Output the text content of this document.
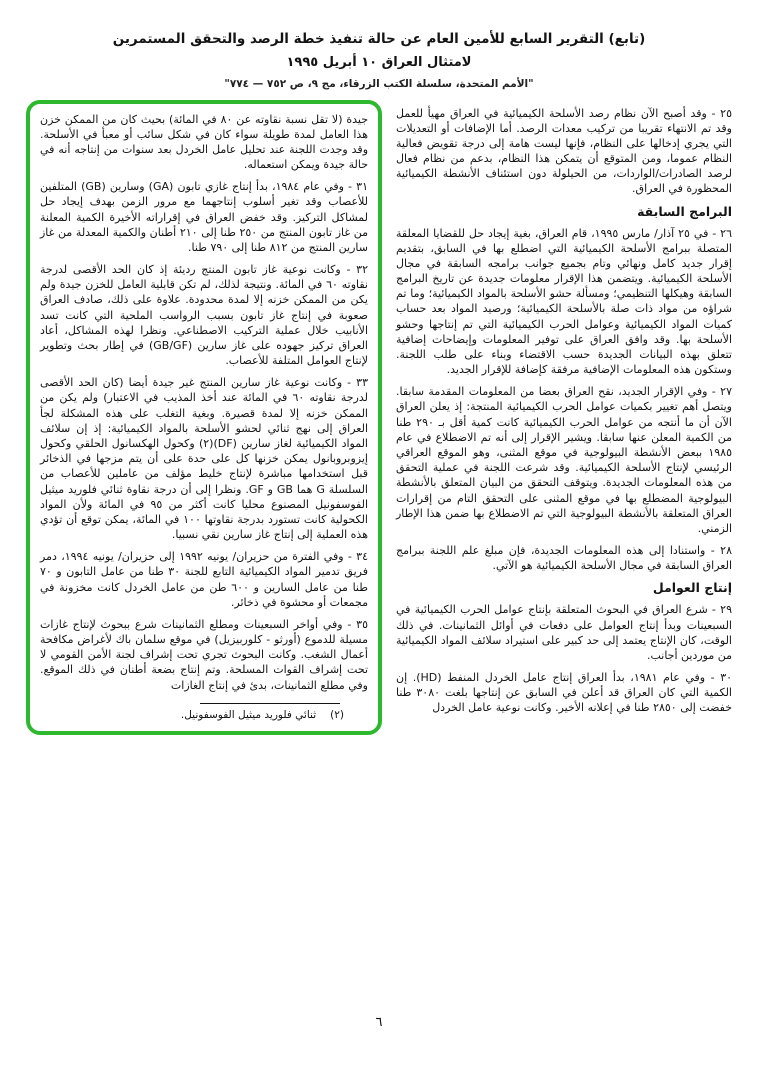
(تابع) التقرير السابع للأمين العام عن حالة تنفيذ خطة الرصد والتحقق المستمرين
لامتثال العراق ١٠ أبريل ١٩٩٥
"الأمم المتحدة، سلسلة الكتب الزرقاء، مج ٩، ص ٧٥٢ — ٧٧٤"

٢٥ - وقد أصبح الآن نظام رصد الأسلحة الكيميائية في العراق مهيأ للعمل وقد تم الانتهاء تقريبا من تركيب معدات الرصد. أما الإضافات أو التعديلات التي يجري إدخالها على النظام، فإنها ليست هامة إلى درجة تقويض فعالية النظام عموما، ومن المتوقع أن يتمكن هذا النظام، بدعم من نظام فعال لرصد الصادرات/الواردات، من الحيلولة دون استئناف الأنشطة الكيميائية المحظورة في العراق.

البرامج السابقة

٢٦ - في ٢٥ آذار/ مارس ١٩٩٥، قام العراق، بغية إيجاد حل للقضايا المعلقة المتصلة ببرامج الأسلحة الكيميائية التي اضطلع بها في السابق، بتقديم إقرار جديد كامل ونهائي وتام بجميع جوانب برامجه السابقة في مجال الأسلحة الكيميائية. ويتضمن هذا الإقرار معلومات جديدة عن تاريخ البرامج السابقة وهيكلها التنظيمي؛ ومسألة حشو الأسلحة بالمواد الكيميائية؛ وما تم شراؤه من مواد ذات صلة بالأسلحة الكيميائية؛ ورصيد المواد بعد حساب كميات المواد الكيميائية وعوامل الحرب الكيميائية التي تم إنتاجها وحشو الأسلحة بها. وقد وافق العراق على توفير المعلومات وإيضاحات إضافية تتعلق بهذه البيانات الجديدة حسب الاقتضاء وبناء على طلب اللجنة. وستكون هذه المعلومات الإضافية مرفقة كإضافة للإقرار الجديد.

٢٧ - وفي الإقرار الجديد، نقح العراق بعضا من المعلومات المقدمة سابقا. ويتصل أهم تغيير بكميات عوامل الحرب الكيميائية المنتجة: إذ يعلن العراق الآن أن ما أنتجه من عوامل الحرب الكيميائية كانت كمية أقل بـ ٢٩٠ طنا من الكمية المعلن عنها سابقا. ويشير الإقرار إلى أنه تم الاضطلاع في عام ١٩٨٥ ببعض الأنشطة البيولوجية في موقع المثنى، وهو الموقع العراقي الرئيسي لإنتاج الأسلحة الكيميائية. وقد شرعت اللجنة في عملية التحقق من هذه المعلومات الجديدة. ويتوقف التحقق من البيان المتعلق بالأنشطة البيولوجية المضطلع بها في موقع المثنى على التحقق التام من إقرارات العراق المتعلقة بالأنشطة البيولوجية التي تم الاضطلاع بها ضمن هذا الإطار الزمني.

٢٨ - واستنادا إلى هذه المعلومات الجديدة، فإن مبلغ علم اللجنة ببرامج العراق السابقة في مجال الأسلحة الكيميائية هو الآتي.

إنتاج العوامل

٢٩ - شرع العراق في البحوث المتعلقة بإنتاج عوامل الحرب الكيميائية في السبعينات وبدأ إنتاج العوامل على دفعات في أوائل الثمانينات. في ذلك الوقت، كان الإنتاج يعتمد إلى حد كبير على استيراد سلائف المواد الكيميائية من موردين أجانب.

٣٠ - وفي عام ١٩٨١، بدأ العراق إنتاج عامل الخردل المنفط (HD). إن الكمية التي كان العراق قد أعلن في السابق عن إنتاجها بلغت ٣٠٨٠ طنا خفضت إلى ٢٨٥٠ طنا في إعلانه الأخير. وكانت نوعية عامل الخردل

جيدة (لا تقل نسبة نقاوته عن ٨٠ في المائة) بحيث كان من الممكن خزن هذا العامل لمدة طويلة سواء كان في شكل سائب أو معبأ في الأسلحة. وقد وجدت اللجنة عند تحليل عامل الخردل بعد سنوات من إنتاجه أنه في حالة جيدة ويمكن استعماله.

٣١ - وفي عام ١٩٨٤، بدأ إنتاج غازي تابون (GA) وسارين (GB) المتلفين للأعصاب وقد تغير أسلوب إنتاجهما مع مرور الزمن بهدف إيجاد حل لمشاكل التركيز. وقد خفض العراق في إقراراته الأخيرة الكمية المعلنة من غاز تابون المنتج من ٢٥٠ طنا إلى ٢١٠ أطنان والكمية المعدلة من غاز سارين المنتج من ٨١٢ طنا إلى ٧٩٠ طنا.

٣٢ - وكانت نوعية غاز تابون المنتج رديئة إذ كان الحد الأقصى لدرجة نقاوته ٦٠ في المائة. ونتيجة لذلك، لم تكن قابلية العامل للخزن جيدة ولم يكن من الممكن خزنه إلا لمدة محدودة. علاوة على ذلك، صادف العراق صعوبة في إنتاج غاز تابون بسبب الرواسب الملحية التي كانت تسد الأنابيب خلال عملية التركيب الاصطناعي. ونظرا لهذه المشاكل، أعاد العراق تركيز جهوده على غاز سارين (GB/GF) في إطار بحث وتطوير لإنتاج العوامل المتلفة للأعصاب.

٣٣ - وكانت نوعية غاز سارين المنتج غير جيدة أيضا (كان الحد الأقصى لدرجة نقاوته ٦٠ في المائة عند أخذ المذيب في الاعتبار) ولم يكن من الممكن خزنه إلا لمدة قصيرة. وبغية التغلب على هذه المشكلة لجأ العراق إلى نهج ثنائي لحشو الأسلحة بالمواد الكيميائية: إذ إن سلائف المواد الكيميائية لغاز سارين (DF)(٢) وكحول الهكسانول الحلقي وكحول إيزوبروبانول يمكن خزنها كل على حدة على أن يتم مزجها في الذخائر قبل استخدامها مباشرة لإنتاج خليط مؤلف من عاملين للأعصاب من السلسلة G هما GB و GF. ونظرا إلى أن درجة نقاوة ثنائي فلوريد ميثيل الفوسفونيل المصنوع محليا كانت أكثر من ٩٥ في المائة ولأن المواد الكحولية كانت تستورد بدرجة نقاوتها ١٠٠ في المائة، يمكن توقع أن تؤدي هذه العملية إلى إنتاج غاز سارين نقي نسبيا.

٣٤ - وفي الفترة من حزيران/ يونيه ١٩٩٢ إلى حزيران/ يونيه ١٩٩٤، دمر فريق تدمير المواد الكيميائية التابع للجنة ٣٠ طنا من عامل التابون و ٧٠ طنا من عامل السارين و ٦٠٠ طن من عامل الخردل كانت مخزونة في مجمعات أو محشوة في ذخائر.

٣٥ - وفي أواخر السبعينات ومطلع الثمانينات شرع ببحوث لإنتاج غازات مسيلة للدموع (أورثو - كلوربيزيل) في موقع سلمان باك لأغراض مكافحة أعمال الشغب. وكانت البحوث تجري تحت إشراف لجنة الأمن القومي لا تحت إشراف القوات المسلحة. وتم إنتاج بضعة أطنان في ذلك الموقع. وفي مطلع الثمانينات، بدئ في إنتاج الغازات

(٢)ثنائي فلوريد ميثيل الفوسفونيل.
٦
